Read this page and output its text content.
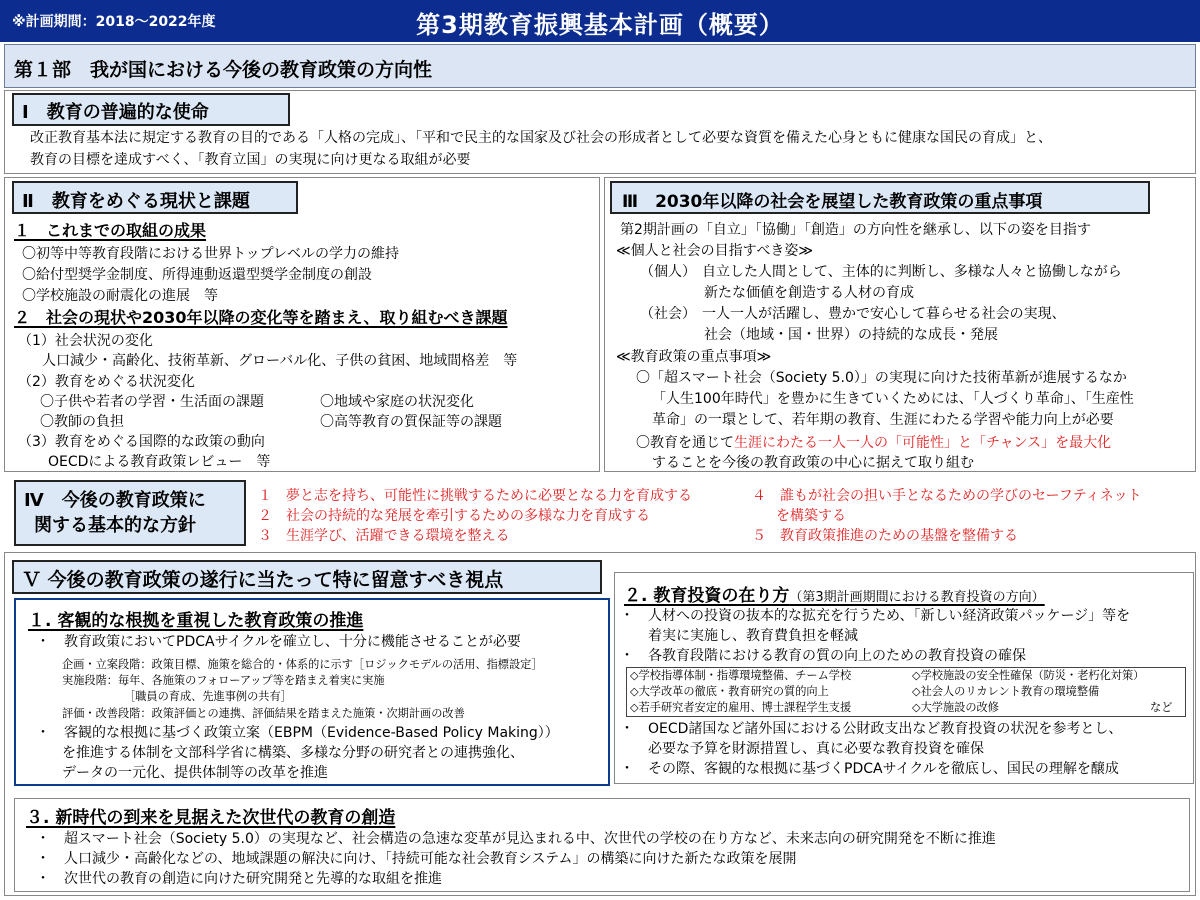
※計画期間：2018～2022年度	第3期教育振興基本計画（概要）
第１部　我が国における今後の教育政策の方向性
Ⅰ　教育の普遍的な使命
改正教育基本法に規定する教育の目的である「人格の完成」、「平和で民主的な国家及び社会の形成者として必要な資質を備えた心身ともに健康な国民の育成」と、
教育の目標を達成すべく、「教育立国」の実現に向け更なる取組が必要
Ⅱ　教育をめぐる現状と課題
１　これまでの取組の成果
〇初等中等教育段階における世界トップレベルの学力の維持
〇給付型奨学金制度、所得連動返還型奨学金制度の創設
〇学校施設の耐震化の進展　等
２　社会の現状や2030年以降の変化等を踏まえ、取り組むべき課題
（1）社会状況の変化
人口減少・高齢化、技術革新、グローバル化、子供の貧困、地域間格差　等
（2）教育をめぐる状況変化
〇子供や若者の学習・生活面の課題	〇地域や家庭の状況変化
〇教師の負担	〇高等教育の質保証等の課題
（3）教育をめぐる国際的な政策の動向
OECDによる教育政策レビュー　等
Ⅲ　2030年以降の社会を展望した教育政策の重点事項
第2期計画の「自立」「協働」「創造」の方向性を継承し、以下の姿を目指す
≪個人と社会の目指すべき姿≫
（個人） 自立した人間として、主体的に判断し、多様な人々と協働しながら
新たな価値を創造する人材の育成
（社会） 一人一人が活躍し、豊かで安心して暮らせる社会の実現、
社会（地域・国・世界）の持続的な成長・発展
≪教育政策の重点事項≫
〇「超スマート社会（Society 5.0）」の実現に向けた技術革新が進展するなか
「人生100年時代」を豊かに生きていくためには、「人づくり革命」、「生産性
革命」の一環として、若年期の教育、生涯にわたる学習や能力向上が必要
〇教育を通じて生涯にわたる一人一人の「可能性」と「チャンス」を最大化
することを今後の教育政策の中心に据えて取り組む
Ⅳ　今後の教育政策に
関する基本的な方針
１　夢と志を持ち、可能性に挑戦するために必要となる力を育成する
２　社会の持続的な発展を牽引するための多様な力を育成する
３　生涯学び、活躍できる環境を整える
４　誰もが社会の担い手となるための学びのセーフティネット
を構築する
５　教育政策推進のための基盤を整備する
Ｖ 今後の教育政策の遂行に当たって特に留意すべき視点
１. 客観的な根拠を重視した教育政策の推進
・　教育政策においてPDCAサイクルを確立し、十分に機能させることが必要
企画・立案段階：政策目標、施策を総合的・体系的に示す［ロジックモデルの活用、指標設定］
実施段階：毎年、各施策のフォローアップ等を踏まえ着実に実施
［職員の育成、先進事例の共有］
評価・改善段階：政策評価との連携、評価結果を踏まえた施策・次期計画の改善
・　客観的な根拠に基づく政策立案（EBPM（Evidence-Based Policy Making））
を推進する体制を文部科学省に構築、多様な分野の研究者との連携強化、
データの一元化、提供体制等の改革を推進
２. 教育投資の在り方（第3期計画期間における教育投資の方向）
・　人材への投資の抜本的な拡充を行うため、「新しい経済政策パッケージ」等を
着実に実施し、教育費負担を軽減
・　各教育段階における教育の質の向上のための教育投資の確保
◇学校指導体制・指導環境整備、チーム学校	◇学校施設の安全性確保（防災・老朽化対策）
◇大学改革の徹底・教育研究の質的向上	◇社会人のリカレント教育の環境整備
◇若手研究者安定的雇用、博士課程学生支援	◇大学施設の改修	など
・　OECD諸国など諸外国における公財政支出など教育投資の状況を参考とし、
必要な予算を財源措置し、真に必要な教育投資を確保
・　その際、客観的な根拠に基づくPDCAサイクルを徹底し、国民の理解を醸成
３. 新時代の到来を見据えた次世代の教育の創造
・　超スマート社会（Society 5.0）の実現など、社会構造の急速な変革が見込まれる中、次世代の学校の在り方など、未来志向の研究開発を不断に推進
・　人口減少・高齢化などの、地域課題の解決に向け、「持続可能な社会教育システム」の構築に向けた新たな政策を展開
・　次世代の教育の創造に向けた研究開発と先導的な取組を推進
